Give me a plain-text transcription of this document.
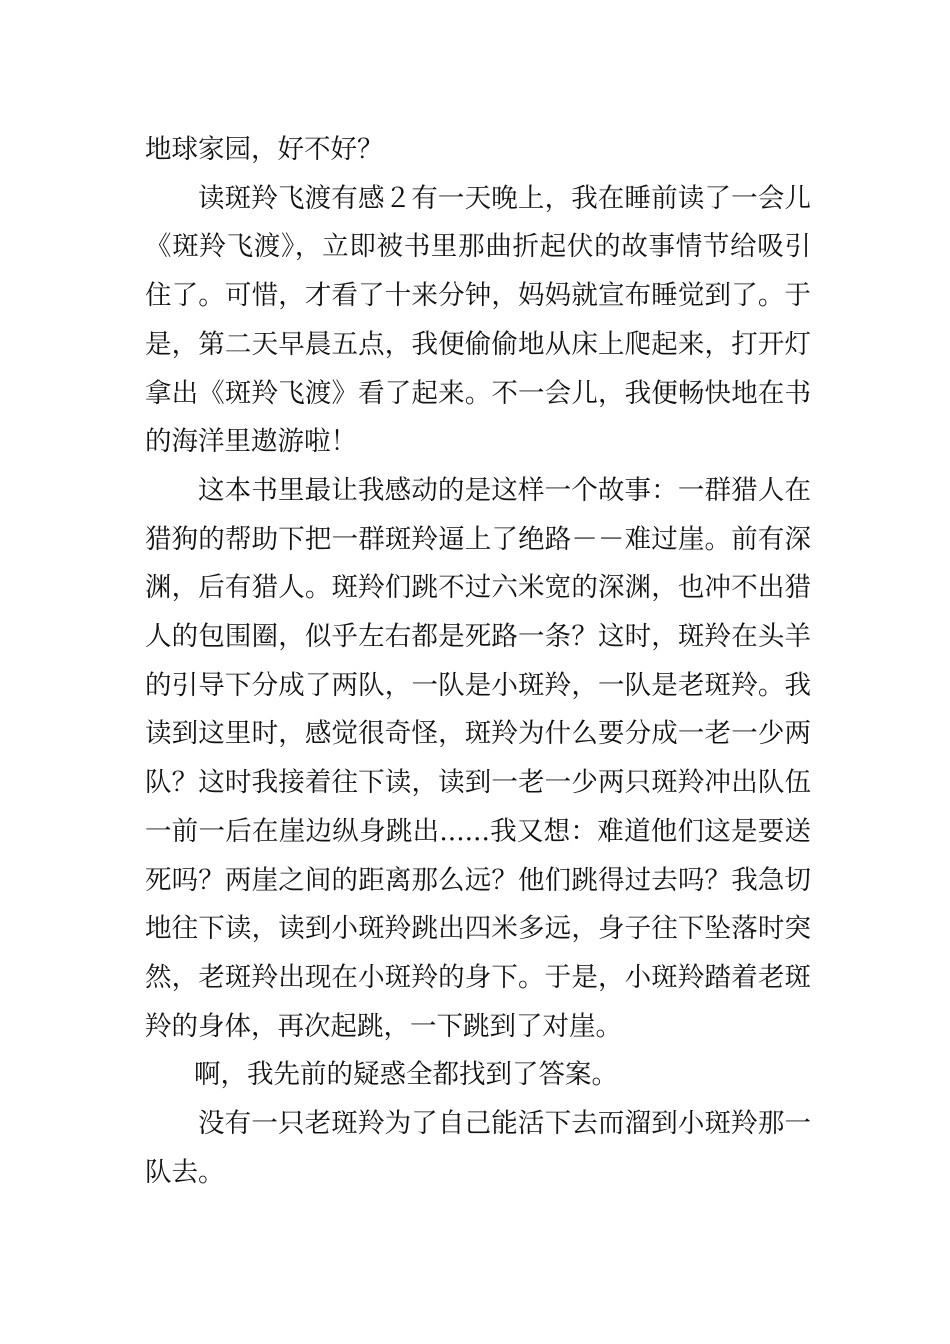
地球家园，好不好？

读斑羚飞渡有感２有一天晚上，我在睡前读了一会儿《斑羚飞渡》，立即被书里那曲折起伏的故事情节给吸引住了。可惜，才看了十来分钟，妈妈就宣布睡觉到了。于是，第二天早晨五点，我便偷偷地从床上爬起来，打开灯拿出《斑羚飞渡》看了起来。不一会儿，我便畅快地在书的海洋里遨游啦！

这本书里最让我感动的是这样一个故事：一群猎人在猎狗的帮助下把一群斑羚逼上了绝路－－难过崖。前有深渊，后有猎人。斑羚们跳不过六米宽的深渊，也冲不出猎人的包围圈，似乎左右都是死路一条？这时，斑羚在头羊的引导下分成了两队，一队是小斑羚，一队是老斑羚。我读到这里时，感觉很奇怪，斑羚为什么要分成一老一少两队？这时我接着往下读，读到一老一少两只斑羚冲出队伍一前一后在崖边纵身跳出......我又想：难道他们这是要送死吗？两崖之间的距离那么远？他们跳得过去吗？我急切地往下读，读到小斑羚跳出四米多远，身子往下坠落时突然，老斑羚出现在小斑羚的身下。于是，小斑羚踏着老斑羚的身体，再次起跳，一下跳到了对崖。

啊，我先前的疑惑全都找到了答案。

没有一只老斑羚为了自己能活下去而溜到小斑羚那一队去。
